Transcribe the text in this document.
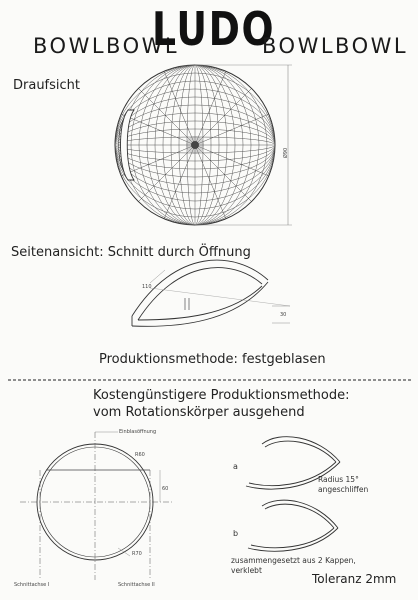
BOWLBOWL
LUDO
BOWLBOWL
Draufsicht
Ø90
Seitenansicht: Schnitt durch Öffnung
110
30
Produktionsmethode: festgeblasen
Kostengünstigere Produktionsmethode:
vom Rotationskörper ausgehend
Einblasöffnung
R60
60
R70
Schnittachse I	Schnittachse II
a
Radius 15°
angeschliffen
b
zusammengesetzt aus 2 Kappen,
verklebt
Toleranz 2mm
